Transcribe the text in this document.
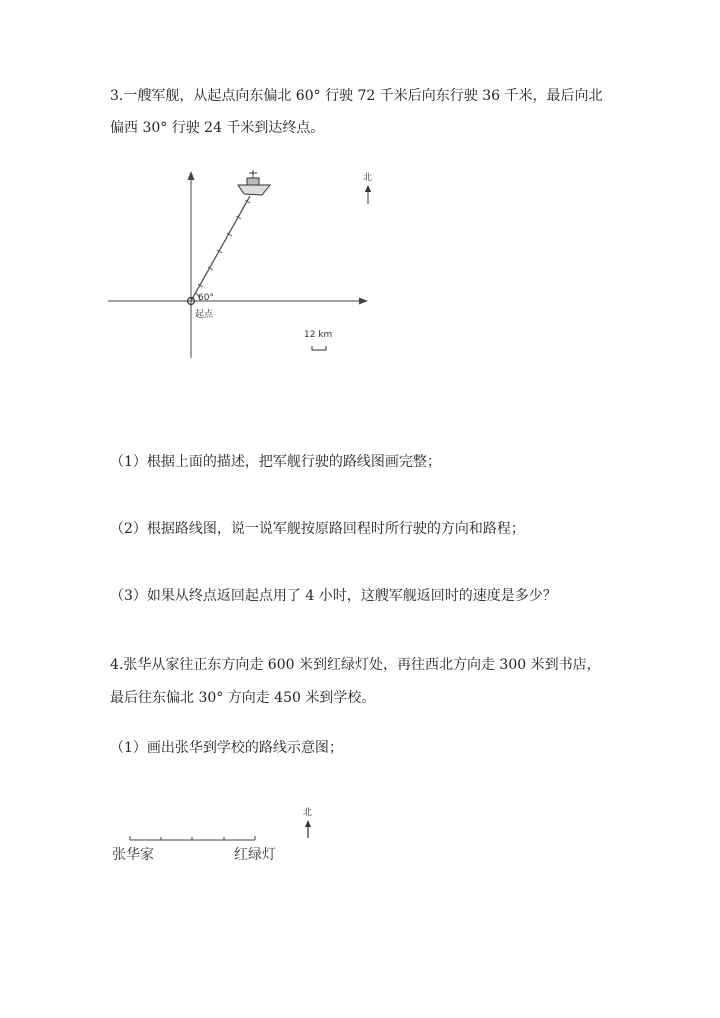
3.一艘军舰，从起点向东偏北 60° 行驶 72 千米后向东行驶 36 千米，最后向北
偏西 30° 行驶 24 千米到达终点。
60°
起点
北
12 km
（1）根据上面的描述，把军舰行驶的路线图画完整；
（2）根据路线图，说一说军舰按原路回程时所行驶的方向和路程；
（3）如果从终点返回起点用了 4 小时，这艘军舰返回时的速度是多少？
4.张华从家往正东方向走 600 米到红绿灯处，再往西北方向走 300 米到书店，
最后往东偏北 30° 方向走 450 米到学校。
（1）画出张华到学校的路线示意图；
张华家	红绿灯
北
